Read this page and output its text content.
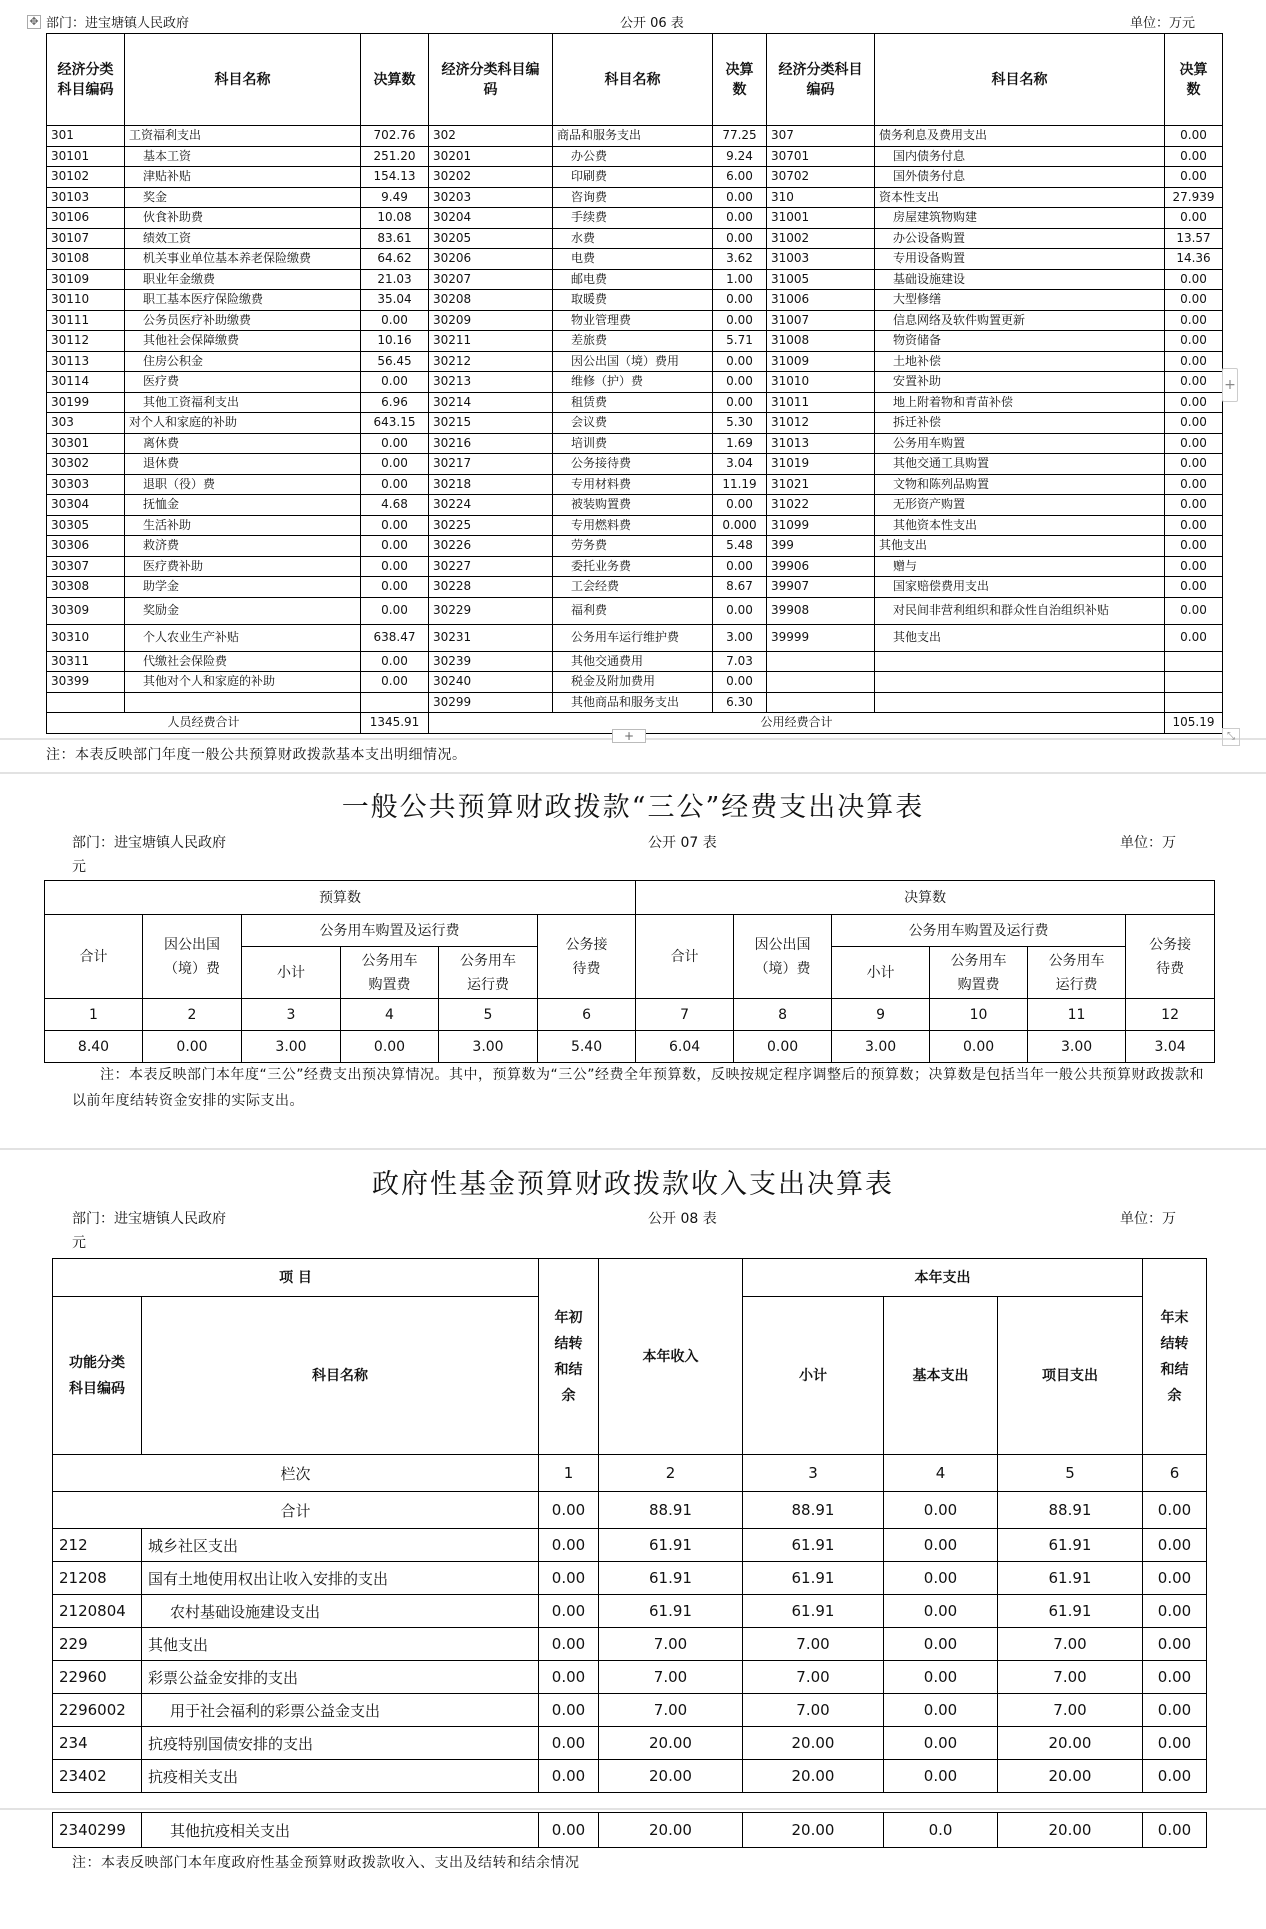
✥ 部门：进宝塘镇人民政府	公开 06 表	单位：万元
经济分类科目编码	科目名称	决算数	经济分类科目编码	科目名称	决算数	经济分类科目编码	科目名称	决算数
301	工资福利支出	702.76	302	商品和服务支出	77.25	307	债务利息及费用支出	0.00
30101	基本工资	251.20	30201	办公费	9.24	30701	国内债务付息	0.00
30102	津贴补贴	154.13	30202	印刷费	6.00	30702	国外债务付息	0.00
30103	奖金	9.49	30203	咨询费	0.00	310	资本性支出	27.939
30106	伙食补助费	10.08	30204	手续费	0.00	31001	房屋建筑物购建	0.00
30107	绩效工资	83.61	30205	水费	0.00	31002	办公设备购置	13.57
30108	机关事业单位基本养老保险缴费	64.62	30206	电费	3.62	31003	专用设备购置	14.36
30109	职业年金缴费	21.03	30207	邮电费	1.00	31005	基础设施建设	0.00
30110	职工基本医疗保险缴费	35.04	30208	取暖费	0.00	31006	大型修缮	0.00
30111	公务员医疗补助缴费	0.00	30209	物业管理费	0.00	31007	信息网络及软件购置更新	0.00
30112	其他社会保障缴费	10.16	30211	差旅费	5.71	31008	物资储备	0.00
30113	住房公积金	56.45	30212	因公出国（境）费用	0.00	31009	土地补偿	0.00
30114	医疗费	0.00	30213	维修（护）费	0.00	31010	安置补助	0.00
30199	其他工资福利支出	6.96	30214	租赁费	0.00	31011	地上附着物和青苗补偿	0.00
303	对个人和家庭的补助	643.15	30215	会议费	5.30	31012	拆迁补偿	0.00
30301	离休费	0.00	30216	培训费	1.69	31013	公务用车购置	0.00
30302	退休费	0.00	30217	公务接待费	3.04	31019	其他交通工具购置	0.00
30303	退职（役）费	0.00	30218	专用材料费	11.19	31021	文物和陈列品购置	0.00
30304	抚恤金	4.68	30224	被装购置费	0.00	31022	无形资产购置	0.00
30305	生活补助	0.00	30225	专用燃料费	0.000	31099	其他资本性支出	0.00
30306	救济费	0.00	30226	劳务费	5.48	399	其他支出	0.00
30307	医疗费补助	0.00	30227	委托业务费	0.00	39906	赠与	0.00
30308	助学金	0.00	30228	工会经费	8.67	39907	国家赔偿费用支出	0.00
30309	奖励金	0.00	30229	福利费	0.00	39908	对民间非营利组织和群众性自治组织补贴	0.00
30310	个人农业生产补贴	638.47	30231	公务用车运行维护费	3.00	39999	其他支出	0.00
30311	代缴社会保险费	0.00	30239	其他交通费用	7.03			
30399	其他对个人和家庭的补助	0.00	30240	税金及附加费用	0.00			
			30299	其他商品和服务支出	6.30			
人员经费合计		1345.91	公用经费合计					105.19
+
+	⤡
注：本表反映部门年度一般公共预算财政拨款基本支出明细情况。
一般公共预算财政拨款“三公”经费支出决算表
部门：进宝塘镇人民政府
元
公开 07 表	单位：万
预算数						决算数					
合计	因公出国（境）费	公务用车购置及运行费			公务接待费	合计	因公出国（境）费	公务用车购置及运行费			公务接待费
		小计	公务用车购置费	公务用车运行费				小计	公务用车购置费	公务用车运行费	
1	2	3	4	5	6	7	8	9	10	11	12
8.40	0.00	3.00	0.00	3.00	5.40	6.04	0.00	3.00	0.00	3.00	3.04
注：本表反映部门本年度“三公”经费支出预决算情况。其中，预算数为“三公”经费全年预算数，反映按规定程序调整后的预算数；决算数是包括当年一般公共预算财政拨款和以前年度结转资金安排的实际支出。
政府性基金预算财政拨款收入支出决算表
部门：进宝塘镇人民政府
元
公开 08 表	单位：万
项 目		年初结转和结余	本年收入	本年支出			年末结转和结余
功能分类科目编码	科目名称			小计	基本支出	项目支出	
栏次		1	2	3	4	5	6
合计		0.00	88.91	88.91	0.00	88.91	0.00
212	城乡社区支出	0.00	61.91	61.91	0.00	61.91	0.00
21208	国有土地使用权出让收入安排的支出	0.00	61.91	61.91	0.00	61.91	0.00
2120804	农村基础设施建设支出	0.00	61.91	61.91	0.00	61.91	0.00
229	其他支出	0.00	7.00	7.00	0.00	7.00	0.00
22960	彩票公益金安排的支出	0.00	7.00	7.00	0.00	7.00	0.00
2296002	用于社会福利的彩票公益金支出	0.00	7.00	7.00	0.00	7.00	0.00
234	抗疫特别国债安排的支出	0.00	20.00	20.00	0.00	20.00	0.00
23402	抗疫相关支出	0.00	20.00	20.00	0.00	20.00	0.00
2340299	其他抗疫相关支出	0.00	20.00	20.00	0.0	20.00	0.00
注：本表反映部门本年度政府性基金预算财政拨款收入、支出及结转和结余情况
